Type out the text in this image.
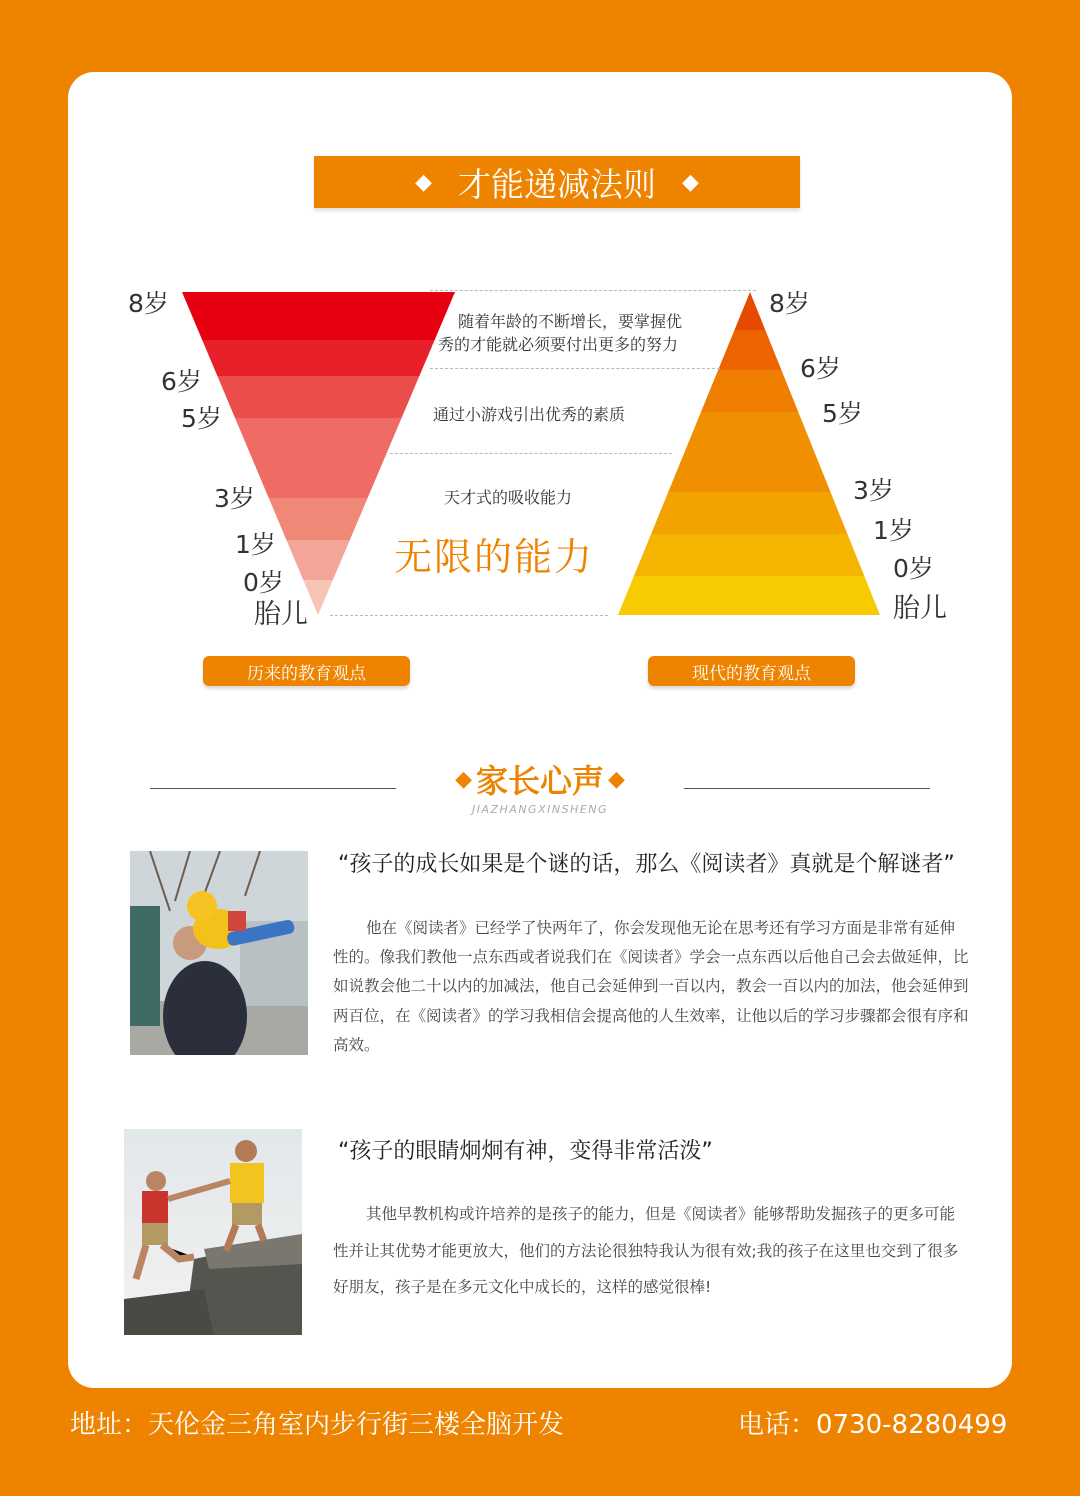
◆ 才能递减法则 ◆
8岁
6岁
5岁
3岁
1岁
0岁
胎儿
8岁
6岁
5岁
3岁
1岁
0岁
胎儿
随着年龄的不断增长，要掌握优
秀的才能就必须要付出更多的努力
通过小游戏引出优秀的素质
天才式的吸收能力
无限的能力
历来的教育观点	现代的教育观点
◆ 家长心声 ◆
JIAZHANGXINSHENG
“孩子的成长如果是个谜的话，那么《阅读者》真就是个解谜者”

他在《阅读者》已经学了快两年了，你会发现他无论在思考还有学习方面是非常有延伸性的。像我们教他一点东西或者说我们在《阅读者》学会一点东西以后他自己会去做延伸，比如说教会他二十以内的加减法，他自己会延伸到一百以内，教会一百以内的加法，他会延伸到两百位，在《阅读者》的学习我相信会提高他的人生效率，让他以后的学习步骤都会很有序和高效。

“孩子的眼睛炯炯有神，变得非常活泼”

其他早教机构或许培养的是孩子的能力，但是《阅读者》能够帮助发掘孩子的更多可能性并让其优势才能更放大，他们的方法论很独特我认为很有效;我的孩子在这里也交到了很多好朋友，孩子是在多元文化中成长的，这样的感觉很棒!

地址：天伦金三角室内步行街三楼全脑开发	电话：0730-8280499
